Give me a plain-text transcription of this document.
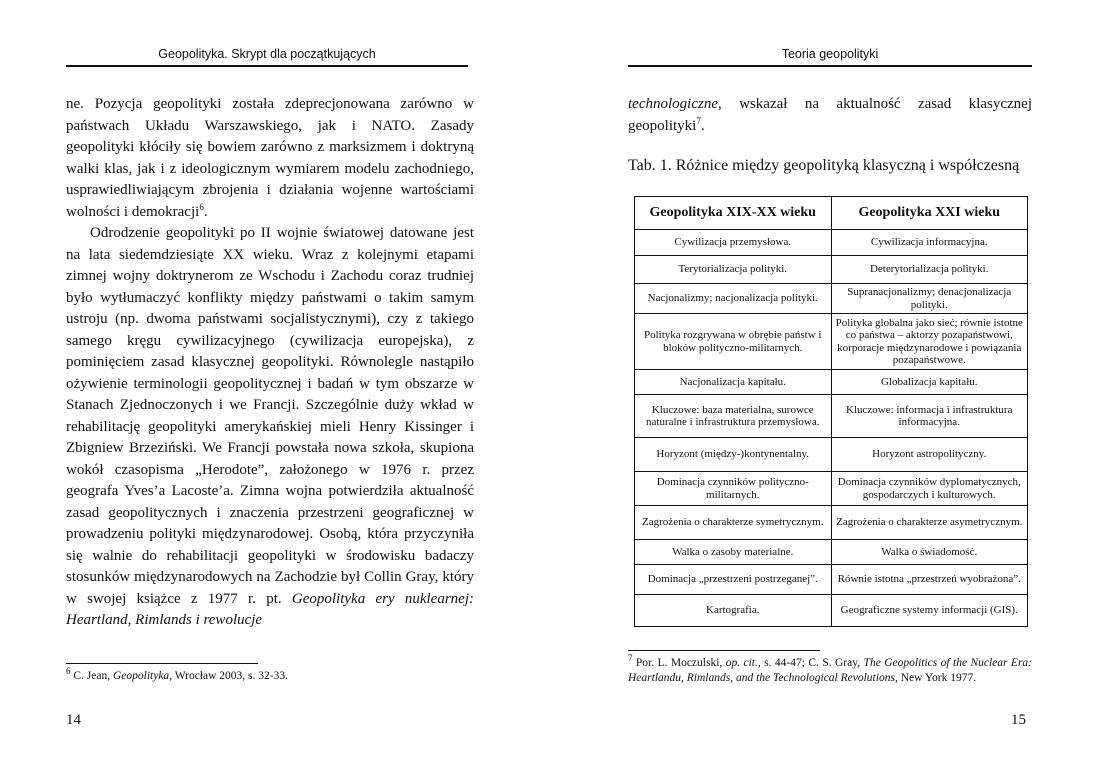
Geopolityka. Skrypt dla początkujących

ne. Pozycja geopolityki została zdeprecjonowana zarówno w państwach Układu Warszawskiego, jak i NATO. Zasady geopolityki kłóciły się bowiem zarówno z marksizmem i doktryną walki klas, jak i z ideologicznym wymiarem modelu zachodniego, usprawiedliwiającym zbrojenia i działania wojenne wartościami wolności i demokracji$^6$.

Odrodzenie geopolityki po II wojnie światowej datowane jest na lata siedemdziesiąte XX wieku. Wraz z kolejnymi etapami zimnej wojny doktrynerom ze Wschodu i Zachodu coraz trudniej było wytłumaczyć konflikty między państwami o takim samym ustroju (np. dwoma państwami socjalistycznymi), czy z takiego samego kręgu cywilizacyjnego (cywilizacja europejska), z pominięciem zasad klasycznej geopolityki. Równolegle nastąpiło ożywienie terminologii geopolitycznej i badań w tym obszarze w Stanach Zjednoczonych i we Francji. Szczególnie duży wkład w rehabilitację geopolityki amerykańskiej mieli Henry Kissinger i Zbigniew Brzeziński. We Francji powstała nowa szkoła, skupiona wokół czasopisma „Herodote”, założonego w 1976 r. przez geografa Yves’a Lacoste’a. Zimna wojna potwierdziła aktualność zasad geopolitycznych i znaczenia przestrzeni geograficznej w prowadzeniu polityki międzynarodowej. Osobą, która przyczyniła się walnie do rehabilitacji geopolityki w środowisku badaczy stosunków międzynarodowych na Zachodzie był Collin Gray, który w swojej książce z 1977 r. pt. Geopolityka ery nuklearnej: Heartland, Rimlands i rewolucje

$^6$ C. Jean, Geopolityka, Wrocław 2003, s. 32-33.
14
Teoria geopolityki

technologiczne, wskazał na aktualność zasad klasycznej geopolityki$^7$.

Tab. 1. Różnice między geopolityką klasyczną i współczesną
Geopolityka XIX-XX wieku	Geopolityka XXI wieku
Cywilizacja przemysłowa.	Cywilizacja informacyjna.
Terytorializacja polityki.	Deterytorializacja polityki.
Nacjonalizmy; nacjonalizacja polityki.	Supranacjonalizmy; denacjonalizacja polityki.
Polityka rozgrywana w obrębie państw i bloków polityczno-militarnych.	Polityka globalna jako sieć; równie istotne co państwa – aktorzy pozapaństwowi, korporacje międzynarodowe i powiązania pozapaństwowe.
Nacjonalizacja kapitału.	Globalizacja kapitału.
Kluczowe: baza materialna, surowce naturalne i infrastruktura przemysłowa.	Kluczowe: informacja i infrastruktura informacyjna.
Horyzont (między-)kontynentalny.	Horyzont astropolityczny.
Dominacja czynników polityczno-militarnych.	Dominacja czynników dyplomatycznych, gospodarczych i kulturowych.
Zagrożenia o charakterze symetrycznym.	Zagrożenia o charakterze asymetrycznym.
Walka o zasoby materialne.	Walka o świadomość.
Dominacja „przestrzeni postrzeganej”.	Równie istotna „przestrzeń wyobrażona”.
Kartografia.	Geograficzne systemy informacji (GIS).
$^7$ Por. L. Moczulski, op. cit., s. 44-47; C. S. Gray, The Geopolitics of the Nuclear Era: Heartlandu, Rimlands, and the Technological Revolutions, New York 1977.
15
